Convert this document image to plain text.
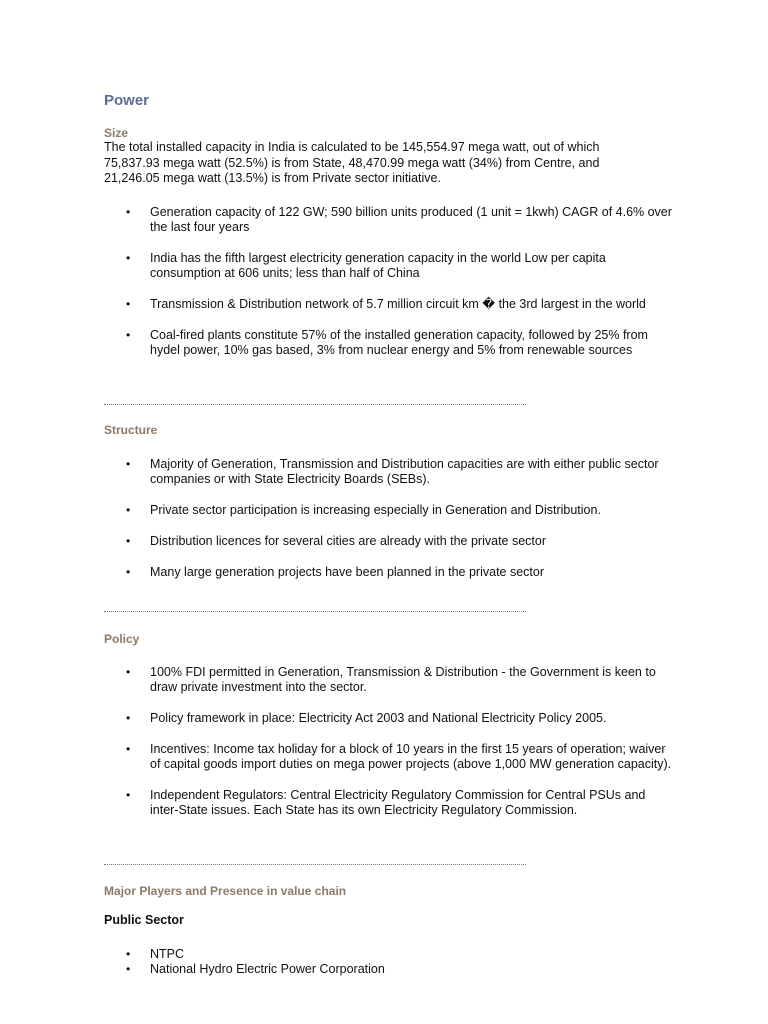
Power
Size

The total installed capacity in India is calculated to be 145,554.97 mega watt, out of which 75,837.93 mega watt (52.5%) is from State, 48,470.99 mega watt (34%) from Centre, and 21,246.05 mega watt (13.5%) is from Private sector initiative.

• Generation capacity of 122 GW; 590 billion units produced (1 unit = 1kwh) CAGR of 4.6% over the last four years
• India has the fifth largest electricity generation capacity in the world Low per capita consumption at 606 units; less than half of China
• Transmission & Distribution network of 5.7 million circuit km � the 3rd largest in the world
• Coal-fired plants constitute 57% of the installed generation capacity, followed by 25% from hydel power, 10% gas based, 3% from nuclear energy and 5% from renewable sources
Structure
• Majority of Generation, Transmission and Distribution capacities are with either public sector companies or with State Electricity Boards (SEBs).
• Private sector participation is increasing especially in Generation and Distribution.
• Distribution licences for several cities are already with the private sector
• Many large generation projects have been planned in the private sector
Policy
• 100% FDI permitted in Generation, Transmission & Distribution - the Government is keen to draw private investment into the sector.
• Policy framework in place: Electricity Act 2003 and National Electricity Policy 2005.
• Incentives: Income tax holiday for a block of 10 years in the first 15 years of operation; waiver of capital goods import duties on mega power projects (above 1,000 MW generation capacity).
• Independent Regulators: Central Electricity Regulatory Commission for Central PSUs and inter-State issues. Each State has its own Electricity Regulatory Commission.
Major Players and Presence in value chain
Public Sector
• NTPC
• National Hydro Electric Power Corporation
